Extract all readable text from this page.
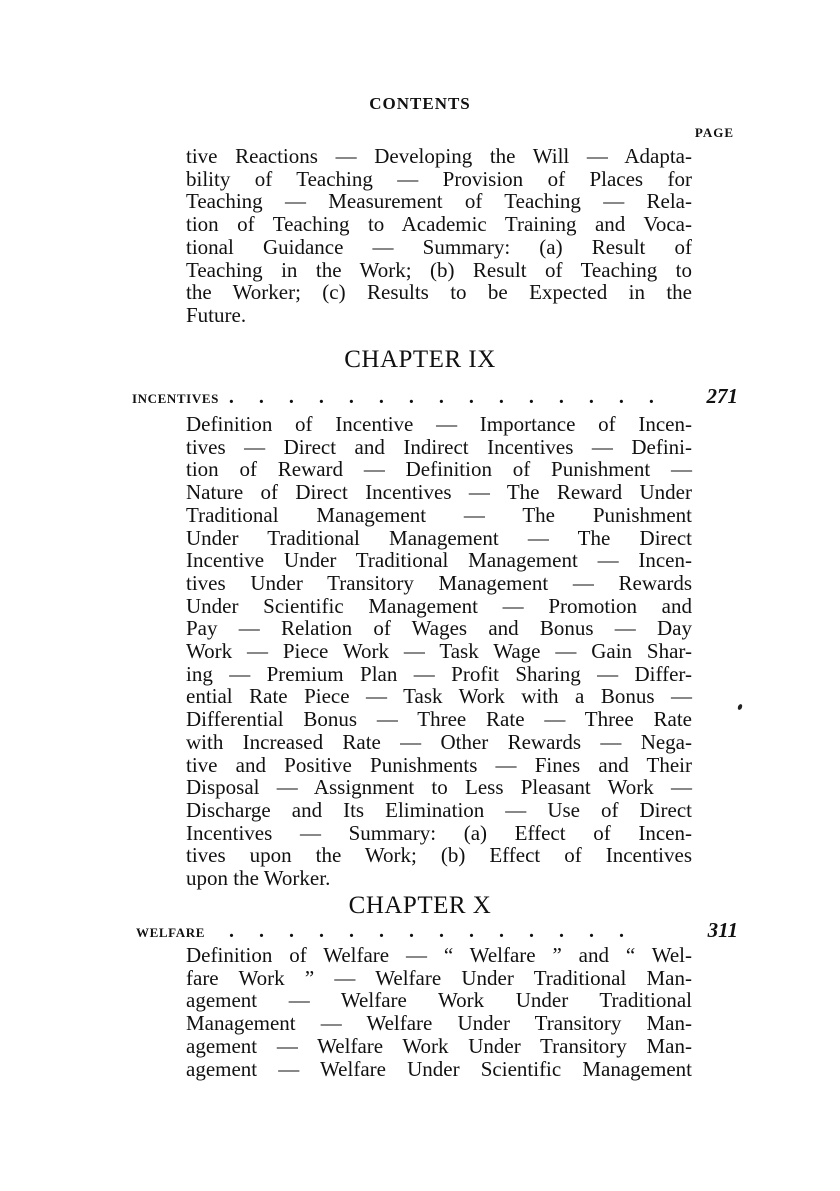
CONTENTS
PAGE
tive Reactions — Developing the Will — Adapta-
bility of Teaching — Provision of Places for
Teaching — Measurement of Teaching — Rela-
tion of Teaching to Academic Training and Voca-
tional Guidance — Summary: (a) Result of
Teaching in the Work; (b) Result of Teaching to
the Worker; (c) Results to be Expected in the
Future.
CHAPTER IX
INCENTIVES . . . . . . . . . . . . . . .	271
Definition of Incentive — Importance of Incen-
tives — Direct and Indirect Incentives — Defini-
tion of Reward — Definition of Punishment —
Nature of Direct Incentives — The Reward Under
Traditional Management — The Punishment
Under Traditional Management — The Direct
Incentive Under Traditional Management — Incen-
tives Under Transitory Management — Rewards
Under Scientific Management — Promotion and
Pay — Relation of Wages and Bonus — Day
Work — Piece Work — Task Wage — Gain Shar-
ing — Premium Plan — Profit Sharing — Differ-
ential Rate Piece — Task Work with a Bonus —
Differential Bonus — Three Rate — Three Rate
with Increased Rate — Other Rewards — Nega-
tive and Positive Punishments — Fines and Their
Disposal — Assignment to Less Pleasant Work —
Discharge and Its Elimination — Use of Direct
Incentives — Summary: (a) Effect of Incen-
tives upon the Work; (b) Effect of Incentives
upon the Worker.
CHAPTER X
WELFARE	. . . . . . . . . . . . . .	311
Definition of Welfare — “ Welfare ” and “ Wel-
fare Work ” — Welfare Under Traditional Man-
agement — Welfare Work Under Traditional
Management — Welfare Under Transitory Man-
agement — Welfare Work Under Transitory Man-
agement — Welfare Under Scientific Management
